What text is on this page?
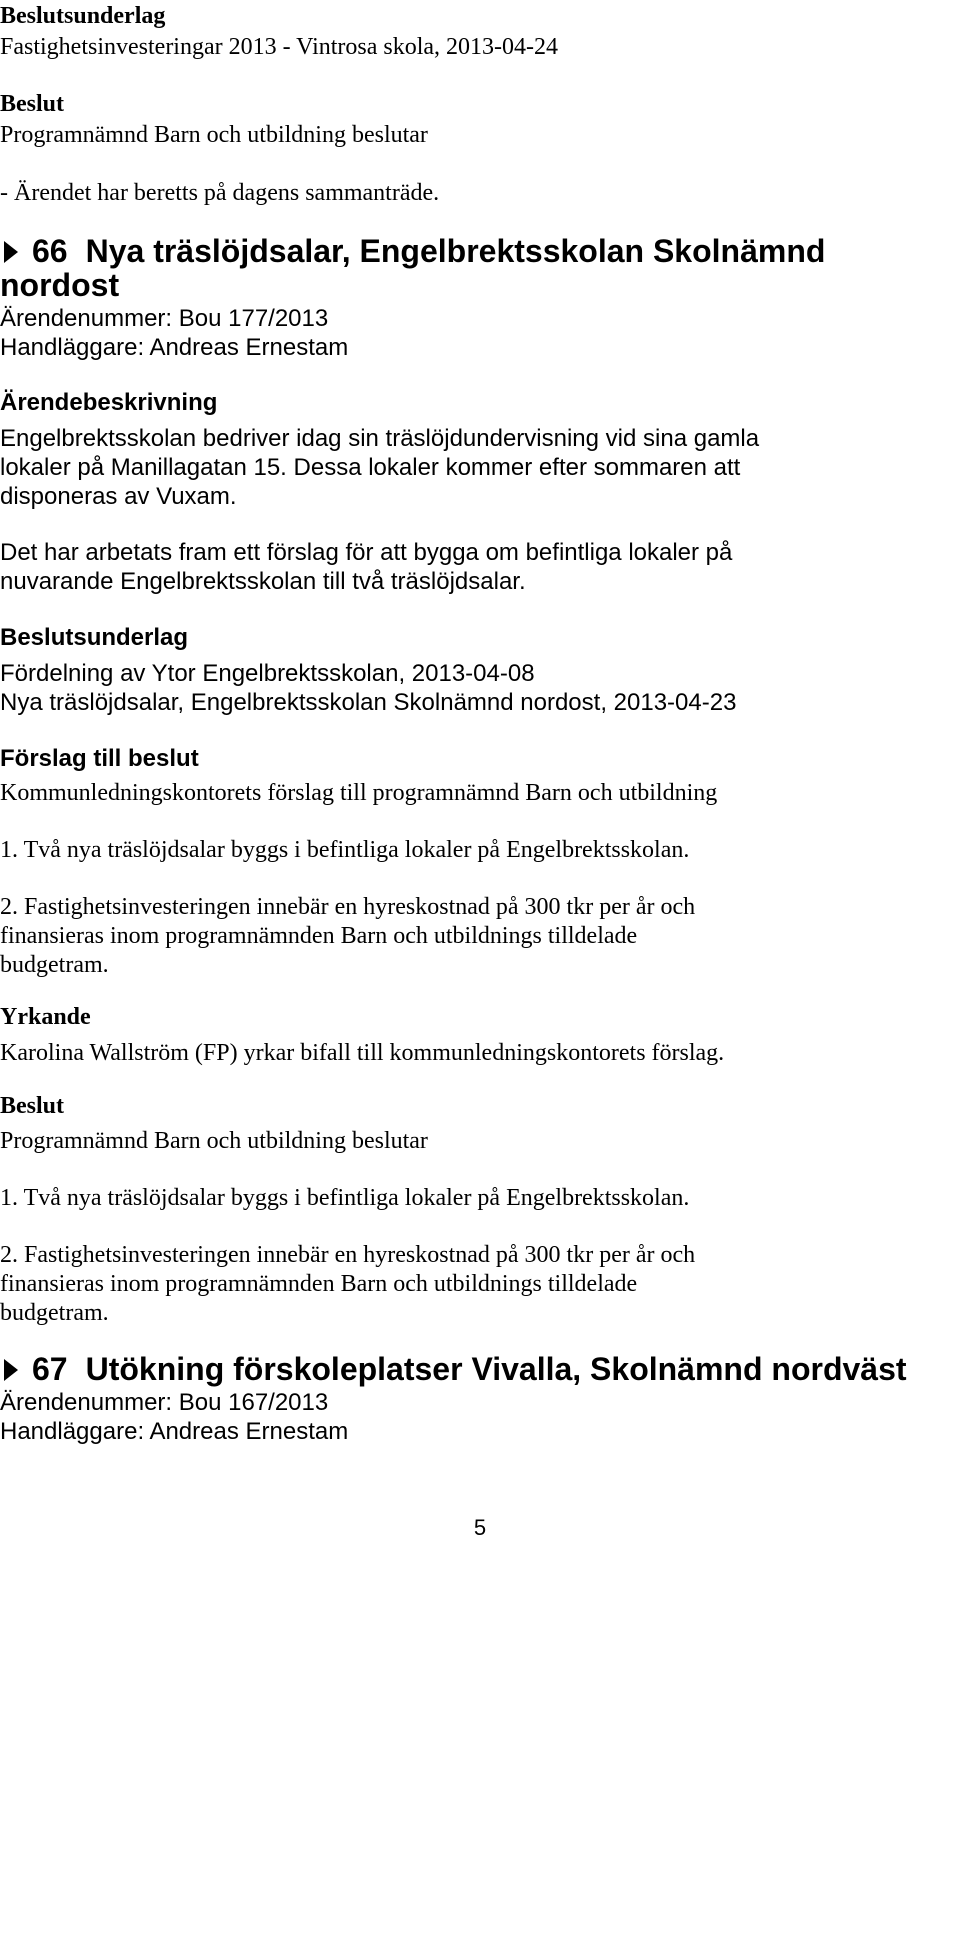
Beslutsunderlag
Fastighetsinvesteringar 2013 - Vintrosa skola, 2013-04-24
Beslut
Programnämnd Barn och utbildning beslutar
- Ärendet har beretts på dagens sammanträde.
66 Nya träslöjdsalar, Engelbrektsskolan Skolnämnd
nordost
Ärendenummer: Bou 177/2013
Handläggare: Andreas Ernestam
Ärendebeskrivning
Engelbrektsskolan bedriver idag sin träslöjdundervisning vid sina gamla
lokaler på Manillagatan 15. Dessa lokaler kommer efter sommaren att
disponeras av Vuxam.
Det har arbetats fram ett förslag för att bygga om befintliga lokaler på
nuvarande Engelbrektsskolan till två träslöjdsalar.
Beslutsunderlag
Fördelning av Ytor Engelbrektsskolan, 2013-04-08
Nya träslöjdsalar, Engelbrektsskolan Skolnämnd nordost, 2013-04-23
Förslag till beslut
Kommunledningskontorets förslag till programnämnd Barn och utbildning
1. Två nya träslöjdsalar byggs i befintliga lokaler på Engelbrektsskolan.
2. Fastighetsinvesteringen innebär en hyreskostnad på 300 tkr per år och
finansieras inom programnämnden Barn och utbildnings tilldelade
budgetram.
Yrkande
Karolina Wallström (FP) yrkar bifall till kommunledningskontorets förslag.
Beslut
Programnämnd Barn och utbildning beslutar
1. Två nya träslöjdsalar byggs i befintliga lokaler på Engelbrektsskolan.
2. Fastighetsinvesteringen innebär en hyreskostnad på 300 tkr per år och
finansieras inom programnämnden Barn och utbildnings tilldelade
budgetram.
67 Utökning förskoleplatser Vivalla, Skolnämnd nordväst
Ärendenummer: Bou 167/2013
Handläggare: Andreas Ernestam
5
